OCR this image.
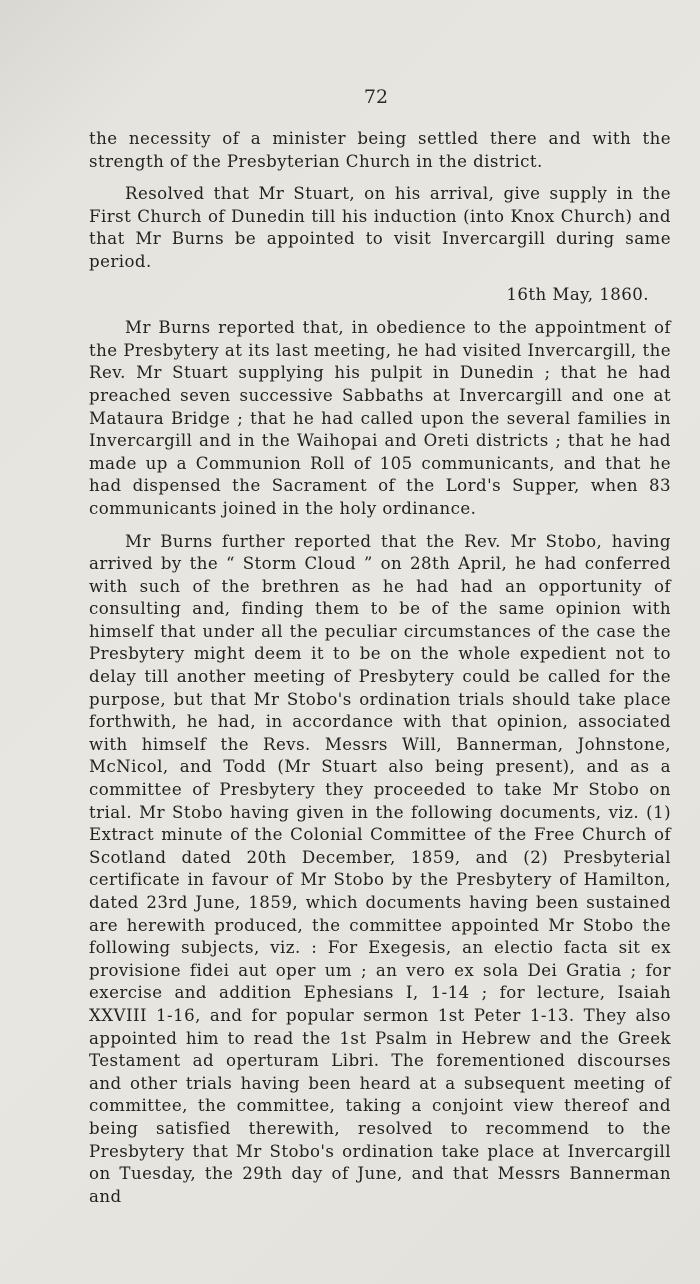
72

the necessity of a minister being settled there and with the strength of the Presbyterian Church in the district.

Resolved that Mr Stuart, on his arrival, give supply in the First Church of Dunedin till his induction (into Knox Church) and that Mr Burns be appointed to visit Invercargill during same period.

16th May, 1860.

Mr Burns reported that, in obedience to the appointment of the Presbytery at its last meeting, he had visited Invercargill, the Rev. Mr Stuart supplying his pulpit in Dunedin ; that he had preached seven successive Sabbaths at Invercargill and one at Mataura Bridge ; that he had called upon the several families in Invercargill and in the Waihopai and Oreti districts ; that he had made up a Communion Roll of 105 communicants, and that he had dispensed the Sacrament of the Lord's Supper, when 83 communicants joined in the holy ordinance.

Mr Burns further reported that the Rev. Mr Stobo, having arrived by the “ Storm Cloud ” on 28th April, he had conferred with such of the brethren as he had had an opportunity of consulting and, finding them to be of the same opinion with himself that under all the peculiar circumstances of the case the Presbytery might deem it to be on the whole expedient not to delay till another meeting of Presbytery could be called for the purpose, but that Mr Stobo's ordination trials should take place forthwith, he had, in accordance with that opinion, associated with himself the Revs. Messrs Will, Bannerman, Johnstone, McNicol, and Todd (Mr Stuart also being present), and as a committee of Presbytery they proceeded to take Mr Stobo on trial. Mr Stobo having given in the following documents, viz. (1) Extract minute of the Colonial Committee of the Free Church of Scotland dated 20th December, 1859, and (2) Presbyterial certificate in favour of Mr Stobo by the Presbytery of Hamilton, dated 23rd June, 1859, which documents having been sustained are herewith produced, the committee appointed Mr Stobo the following subjects, viz. : For Exegesis, an electio facta sit ex provisione fidei aut oper um ; an vero ex sola Dei Gratia ; for exercise and addition Ephesians I, 1-14 ; for lecture, Isaiah XXVIII 1-16, and for popular sermon 1st Peter 1-13. They also appointed him to read the 1st Psalm in Hebrew and the Greek Testament ad operturam Libri. The forementioned discourses and other trials having been heard at a subsequent meeting of committee, the committee, taking a conjoint view thereof and being satisfied therewith, resolved to recommend to the Presbytery that Mr Stobo's ordination take place at Invercargill on Tuesday, the 29th day of June, and that Messrs Bannerman and
